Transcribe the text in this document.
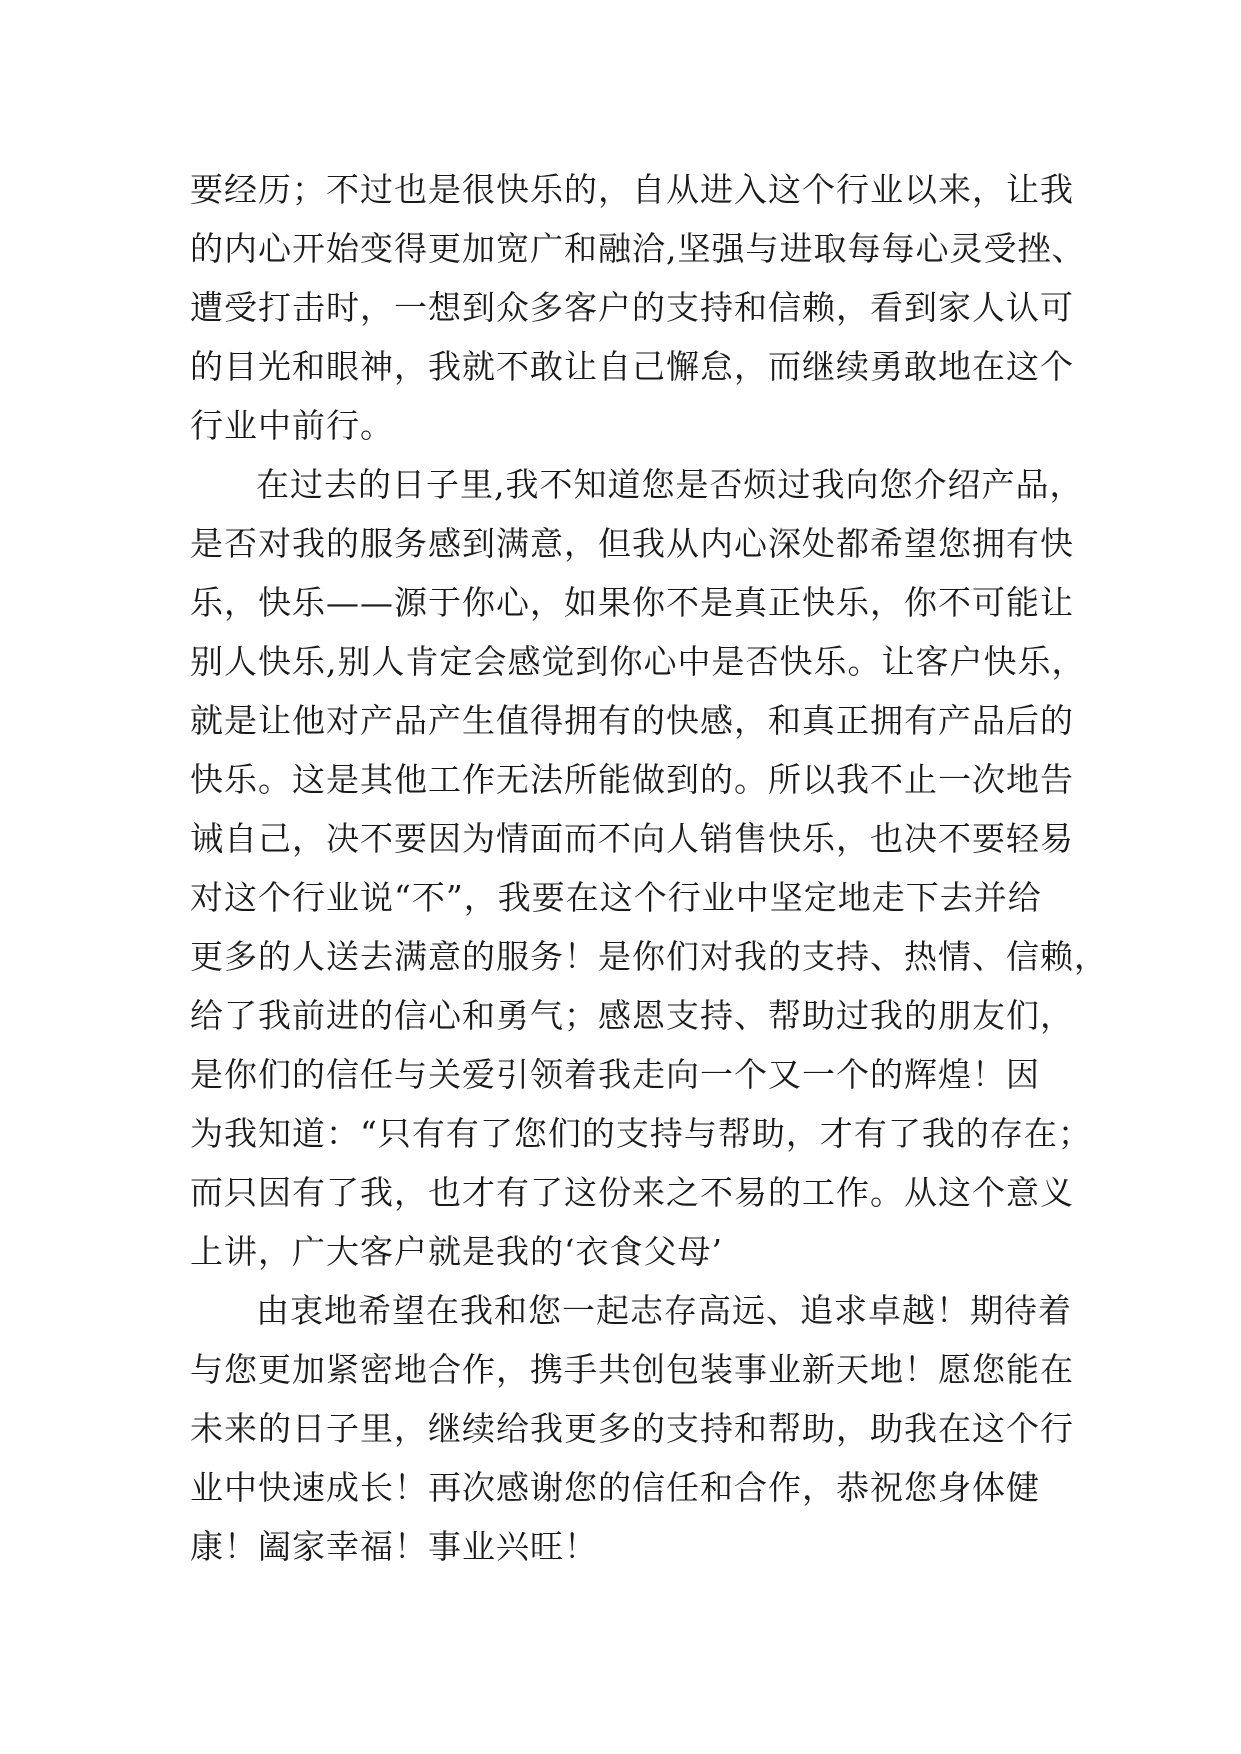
要经历；不过也是很快乐的，自从进入这个行业以来，让我
的内心开始变得更加宽广和融洽,坚强与进取每每心灵受挫、
遭受打击时，一想到众多客户的支持和信赖，看到家人认可
的目光和眼神，我就不敢让自己懈怠，而继续勇敢地在这个
行业中前行。
在过去的日子里,我不知道您是否烦过我向您介绍产品，
是否对我的服务感到满意，但我从内心深处都希望您拥有快
乐，快乐——源于你心，如果你不是真正快乐，你不可能让
别人快乐,别人肯定会感觉到你心中是否快乐。让客户快乐，
就是让他对产品产生值得拥有的快感，和真正拥有产品后的
快乐。这是其他工作无法所能做到的。所以我不止一次地告
诫自己，决不要因为情面而不向人销售快乐，也决不要轻易
对这个行业说“不”，我要在这个行业中坚定地走下去并给
更多的人送去满意的服务！是你们对我的支持、热情、信赖，
给了我前进的信心和勇气；感恩支持、帮助过我的朋友们，
是你们的信任与关爱引领着我走向一个又一个的辉煌！因
为我知道：“只有有了您们的支持与帮助，才有了我的存在；
而只因有了我，也才有了这份来之不易的工作。从这个意义
上讲，广大客户就是我的‘衣食父母’
由衷地希望在我和您一起志存高远、追求卓越！期待着
与您更加紧密地合作，携手共创包装事业新天地！愿您能在
未来的日子里，继续给我更多的支持和帮助，助我在这个行
业中快速成长！再次感谢您的信任和合作，恭祝您身体健
康！阖家幸福！事业兴旺！
